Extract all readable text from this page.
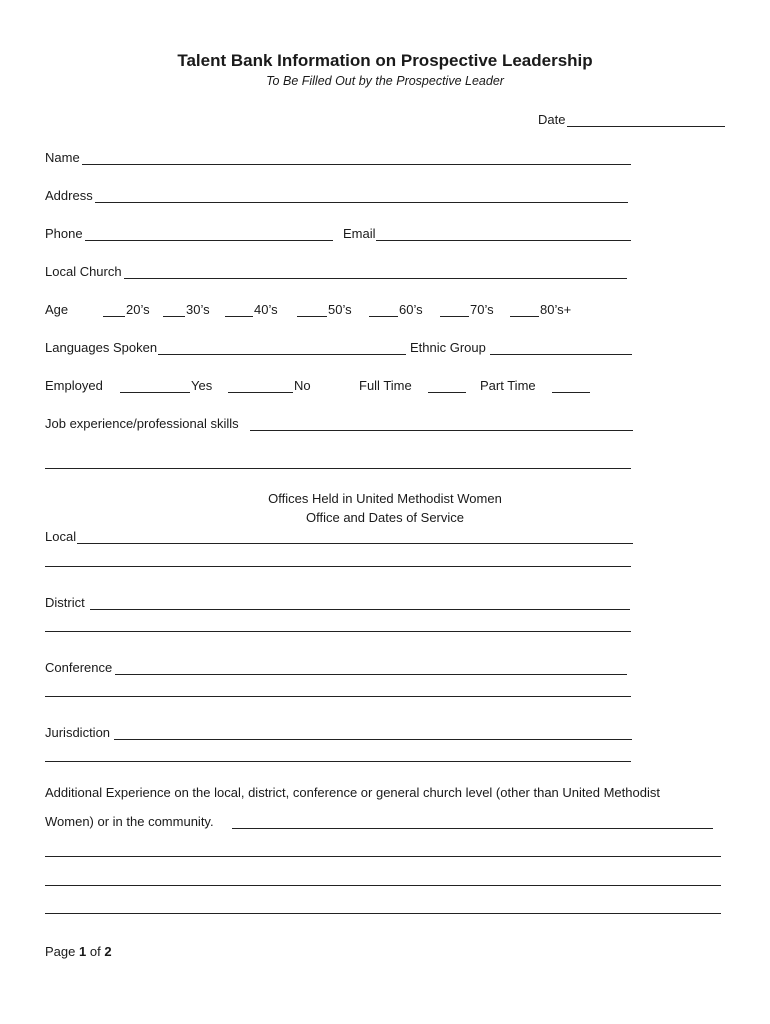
Talent Bank Information on Prospective Leadership
To Be Filled Out by the Prospective Leader
Date
Name
Address
Phone	Email
Local Church
Age	20’s	30’s	40’s	50’s	60’s	70’s	80’s+
Languages Spoken	Ethnic Group
Employed	Yes	No	Full Time	Part Time
Job experience/professional skills
Offices Held in United Methodist Women
Office and Dates of Service
Local
District
Conference
Jurisdiction
Additional Experience on the local, district, conference or general church level (other than United Methodist
Women) or in the community.
Page 1 of 2
